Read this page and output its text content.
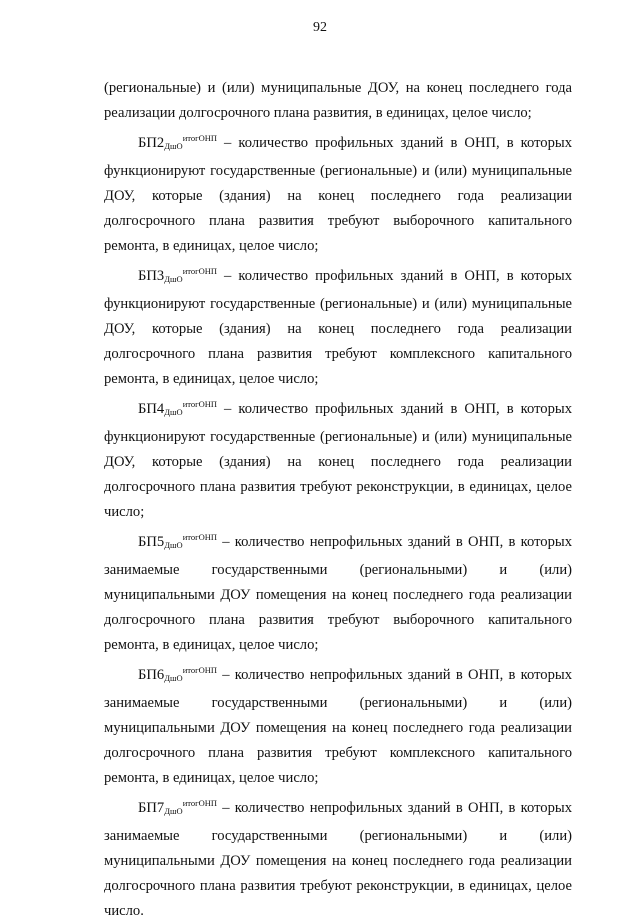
92

(региональные) и (или) муниципальные ДОУ, на конец последнего года реализации долгосрочного плана развития, в единицах, целое число;

$БП2_{ДшО}^{итогОНП}$ – количество профильных зданий в ОНП, в которых функционируют государственные (региональные) и (или) муниципальные ДОУ, которые (здания) на конец последнего года реализации долгосрочного плана развития требуют выборочного капитального ремонта, в единицах, целое число;

$БП3_{ДшО}^{итогОНП}$ – количество профильных зданий в ОНП, в которых функционируют государственные (региональные) и (или) муниципальные ДОУ, которые (здания) на конец последнего года реализации долгосрочного плана развития требуют комплексного капитального ремонта, в единицах, целое число;

$БП4_{ДшО}^{итогОНП}$ – количество профильных зданий в ОНП, в которых функционируют государственные (региональные) и (или) муниципальные ДОУ, которые (здания) на конец последнего года реализации долгосрочного плана развития требуют реконструкции, в единицах, целое число;

$БП5_{ДшО}^{итогОНП}$ – количество непрофильных зданий в ОНП, в которых занимаемые государственными (региональными) и (или) муниципальными ДОУ помещения на конец последнего года реализации долгосрочного плана развития требуют выборочного капитального ремонта, в единицах, целое число;

$БП6_{ДшО}^{итогОНП}$ – количество непрофильных зданий в ОНП, в которых занимаемые государственными (региональными) и (или) муниципальными ДОУ помещения на конец последнего года реализации долгосрочного плана развития требуют комплексного капитального ремонта, в единицах, целое число;

$БП7_{ДшО}^{итогОНП}$ – количество непрофильных зданий в ОНП, в которых занимаемые государственными (региональными) и (или) муниципальными ДОУ помещения на конец последнего года реализации долгосрочного плана развития требуют реконструкции, в единицах, целое число.
